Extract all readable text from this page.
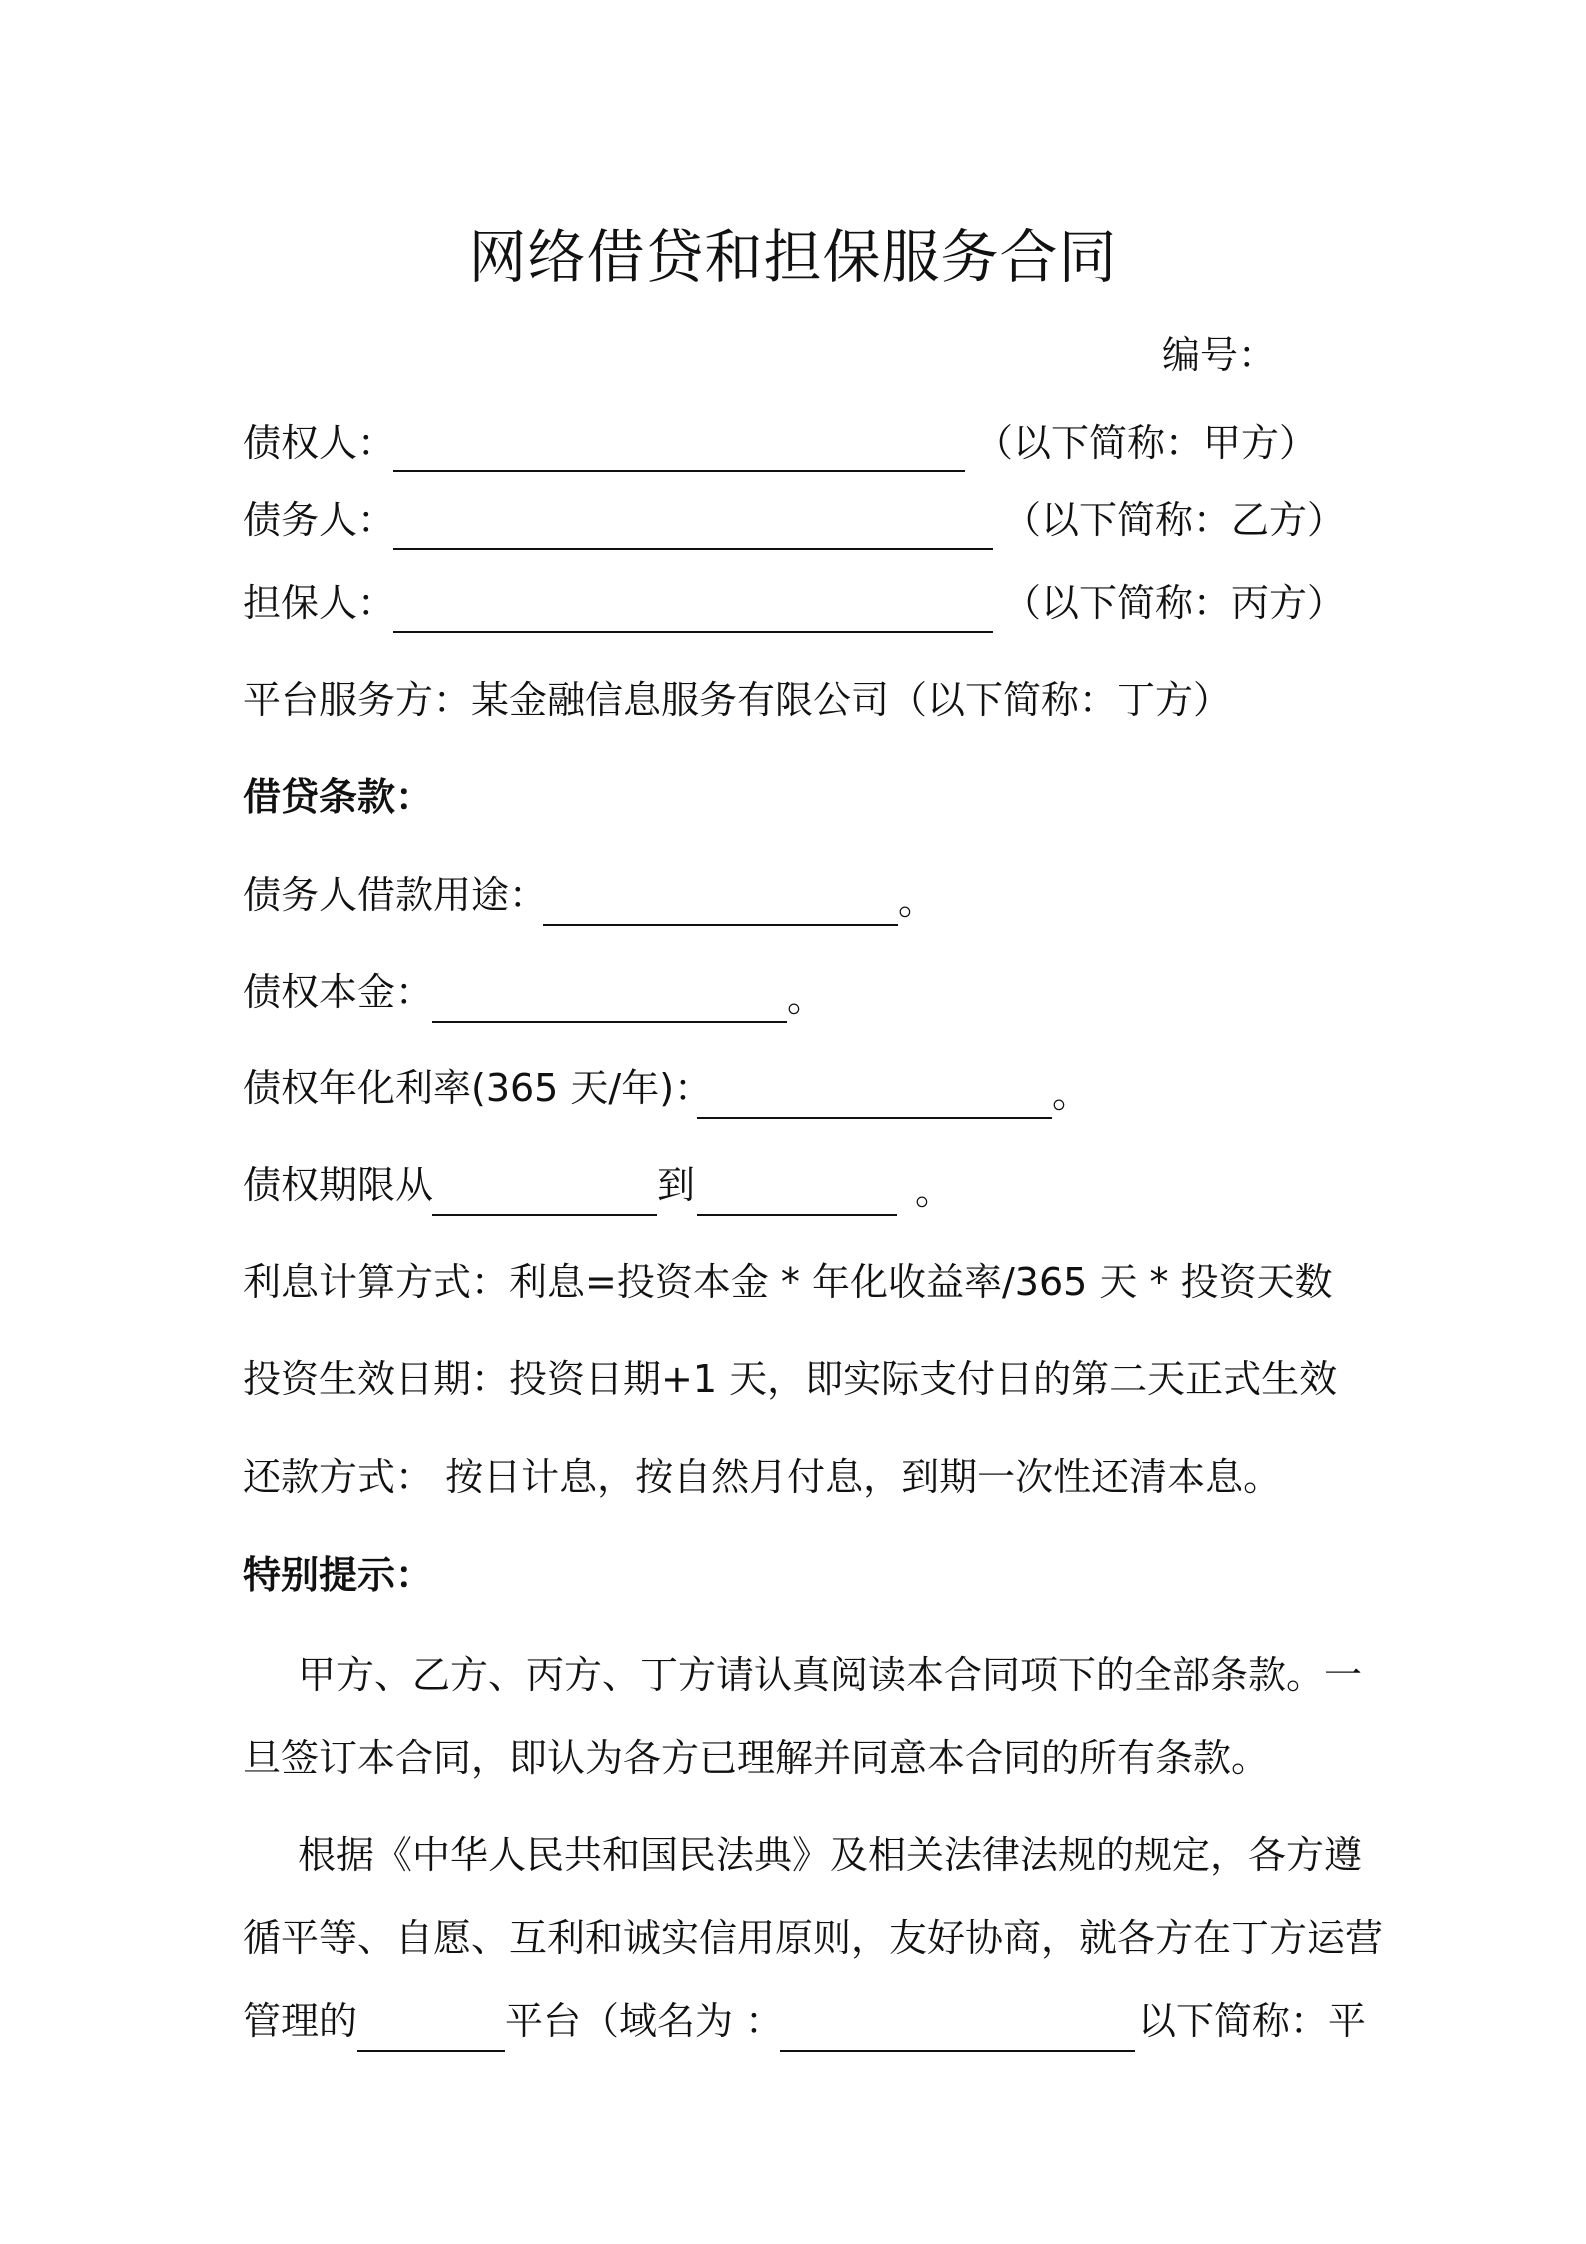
网络借贷和担保服务合同
编号：
债权人：	（以下简称：甲方）
债务人：	（以下简称：乙方）
担保人：	（以下简称：丙方）
平台服务方：某金融信息服务有限公司（以下简称：丁方）
借贷条款：
债务人借款用途：	。
债权本金：	。
债权年化利率(365 天/年)：	。
债权期限从	到	。
利息计算方式：利息=投资本金 * 年化收益率/365 天 * 投资天数
投资生效日期：投资日期+1 天，即实际支付日的第二天正式生效
还款方式： 按日计息，按自然月付息，到期一次性还清本息。
特别提示：
甲方、乙方、丙方、丁方请认真阅读本合同项下的全部条款。一
旦签订本合同，即认为各方已理解并同意本合同的所有条款。
根据《中华人民共和国民法典》及相关法律法规的规定，各方遵
循平等、自愿、互利和诚实信用原则，友好协商，就各方在丁方运营
管理的	平台（域名为 ：	以下简称：平
